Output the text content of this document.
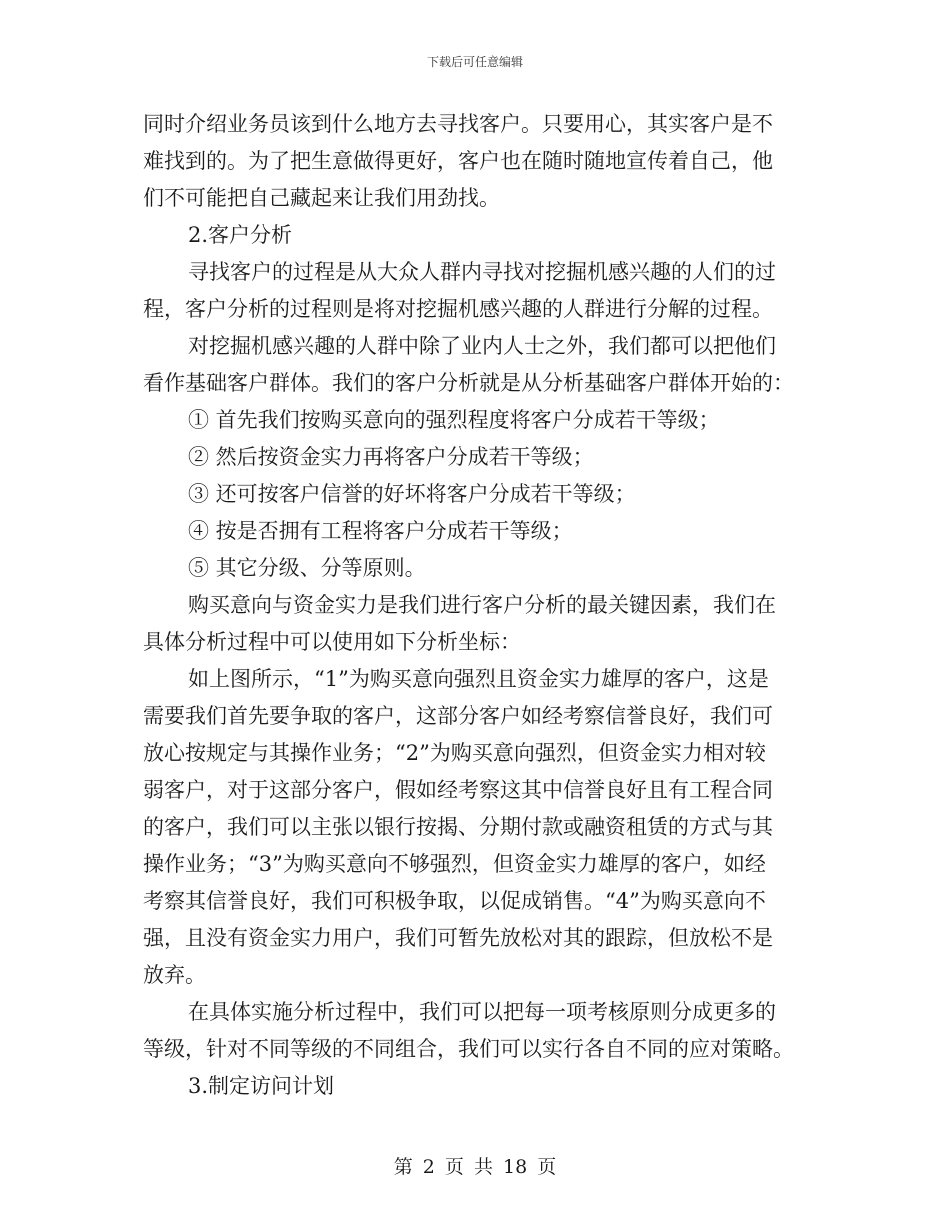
下载后可任意编辑
同时介绍业务员该到什么地方去寻找客户。只要用心，其实客户是不
难找到的。为了把生意做得更好，客户也在随时随地宣传着自己，他
们不可能把自己藏起来让我们用劲找。
2.客户分析
寻找客户的过程是从大众人群内寻找对挖掘机感兴趣的人们的过
程，客户分析的过程则是将对挖掘机感兴趣的人群进行分解的过程。
对挖掘机感兴趣的人群中除了业内人士之外，我们都可以把他们
看作基础客户群体。我们的客户分析就是从分析基础客户群体开始的：
① 首先我们按购买意向的强烈程度将客户分成若干等级；
② 然后按资金实力再将客户分成若干等级；
③ 还可按客户信誉的好坏将客户分成若干等级；
④ 按是否拥有工程将客户分成若干等级；
⑤ 其它分级、分等原则。
购买意向与资金实力是我们进行客户分析的最关键因素，我们在
具体分析过程中可以使用如下分析坐标：
如上图所示，“1”为购买意向强烈且资金实力雄厚的客户，这是
需要我们首先要争取的客户，这部分客户如经考察信誉良好，我们可
放心按规定与其操作业务；“2”为购买意向强烈，但资金实力相对较
弱客户，对于这部分客户，假如经考察这其中信誉良好且有工程合同
的客户，我们可以主张以银行按揭、分期付款或融资租赁的方式与其
操作业务；“3”为购买意向不够强烈，但资金实力雄厚的客户，如经
考察其信誉良好，我们可积极争取，以促成销售。“4”为购买意向不
强，且没有资金实力用户，我们可暂先放松对其的跟踪，但放松不是
放弃。
在具体实施分析过程中，我们可以把每一项考核原则分成更多的
等级，针对不同等级的不同组合，我们可以实行各自不同的应对策略。
3.制定访问计划
第 2 页 共 18 页
